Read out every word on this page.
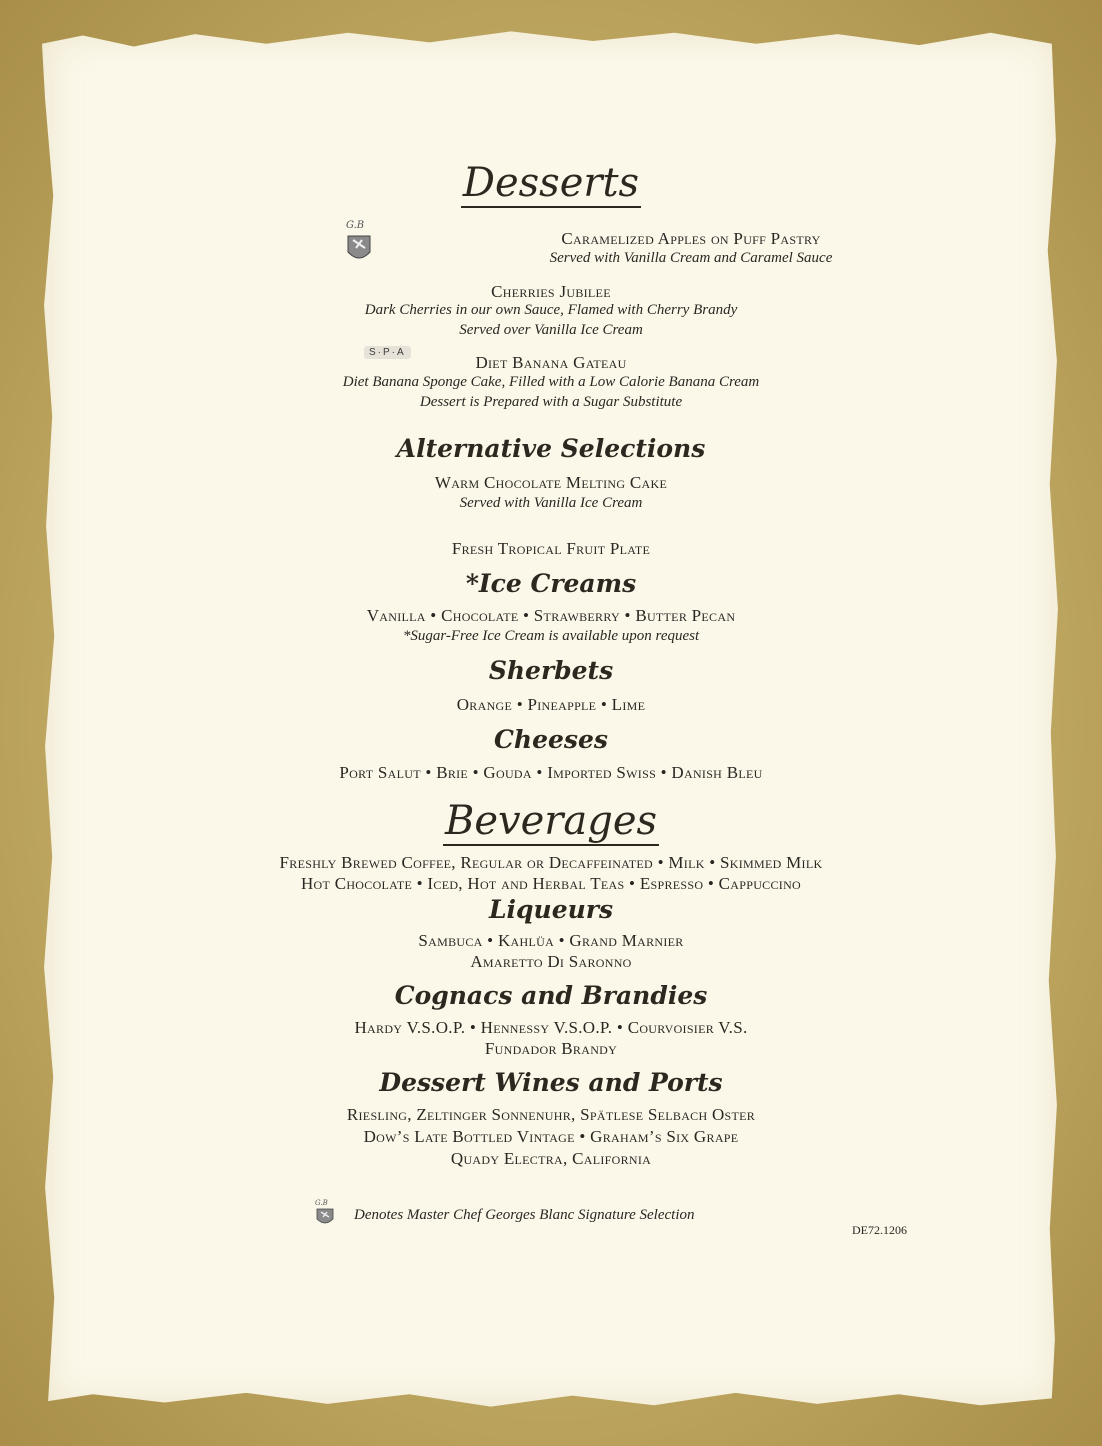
Desserts
G.B
Caramelized Apples on Puff Pastry
Served with Vanilla Cream and Caramel Sauce
Cherries Jubilee
Dark Cherries in our own Sauce, Flamed with Cherry Brandy
Served over Vanilla Ice Cream
S·P·A
Diet Banana Gateau
Diet Banana Sponge Cake, Filled with a Low Calorie Banana Cream
Dessert is Prepared with a Sugar Substitute
Alternative Selections
Warm Chocolate Melting Cake
Served with Vanilla Ice Cream
Fresh Tropical Fruit Plate
*Ice Creams
Vanilla • Chocolate • Strawberry • Butter Pecan
*Sugar-Free Ice Cream is available upon request
Sherbets
Orange • Pineapple • Lime
Cheeses
Port Salut • Brie • Gouda • Imported Swiss • Danish Bleu
Beverages
Freshly Brewed Coffee, Regular or Decaffeinated • Milk • Skimmed Milk
Hot Chocolate • Iced, Hot and Herbal Teas • Espresso • Cappuccino
Liqueurs
Sambuca • Kahlüa • Grand Marnier
Amaretto Di Saronno
Cognacs and Brandies
Hardy V.S.O.P. • Hennessy V.S.O.P. • Courvoisier V.S.
Fundador Brandy
Dessert Wines and Ports
Riesling, Zeltinger Sonnenuhr, Spätlese Selbach Oster
Dow’s Late Bottled Vintage • Graham’s Six Grape
Quady Electra, California
G.B
Denotes Master Chef Georges Blanc Signature Selection
DE72.1206
